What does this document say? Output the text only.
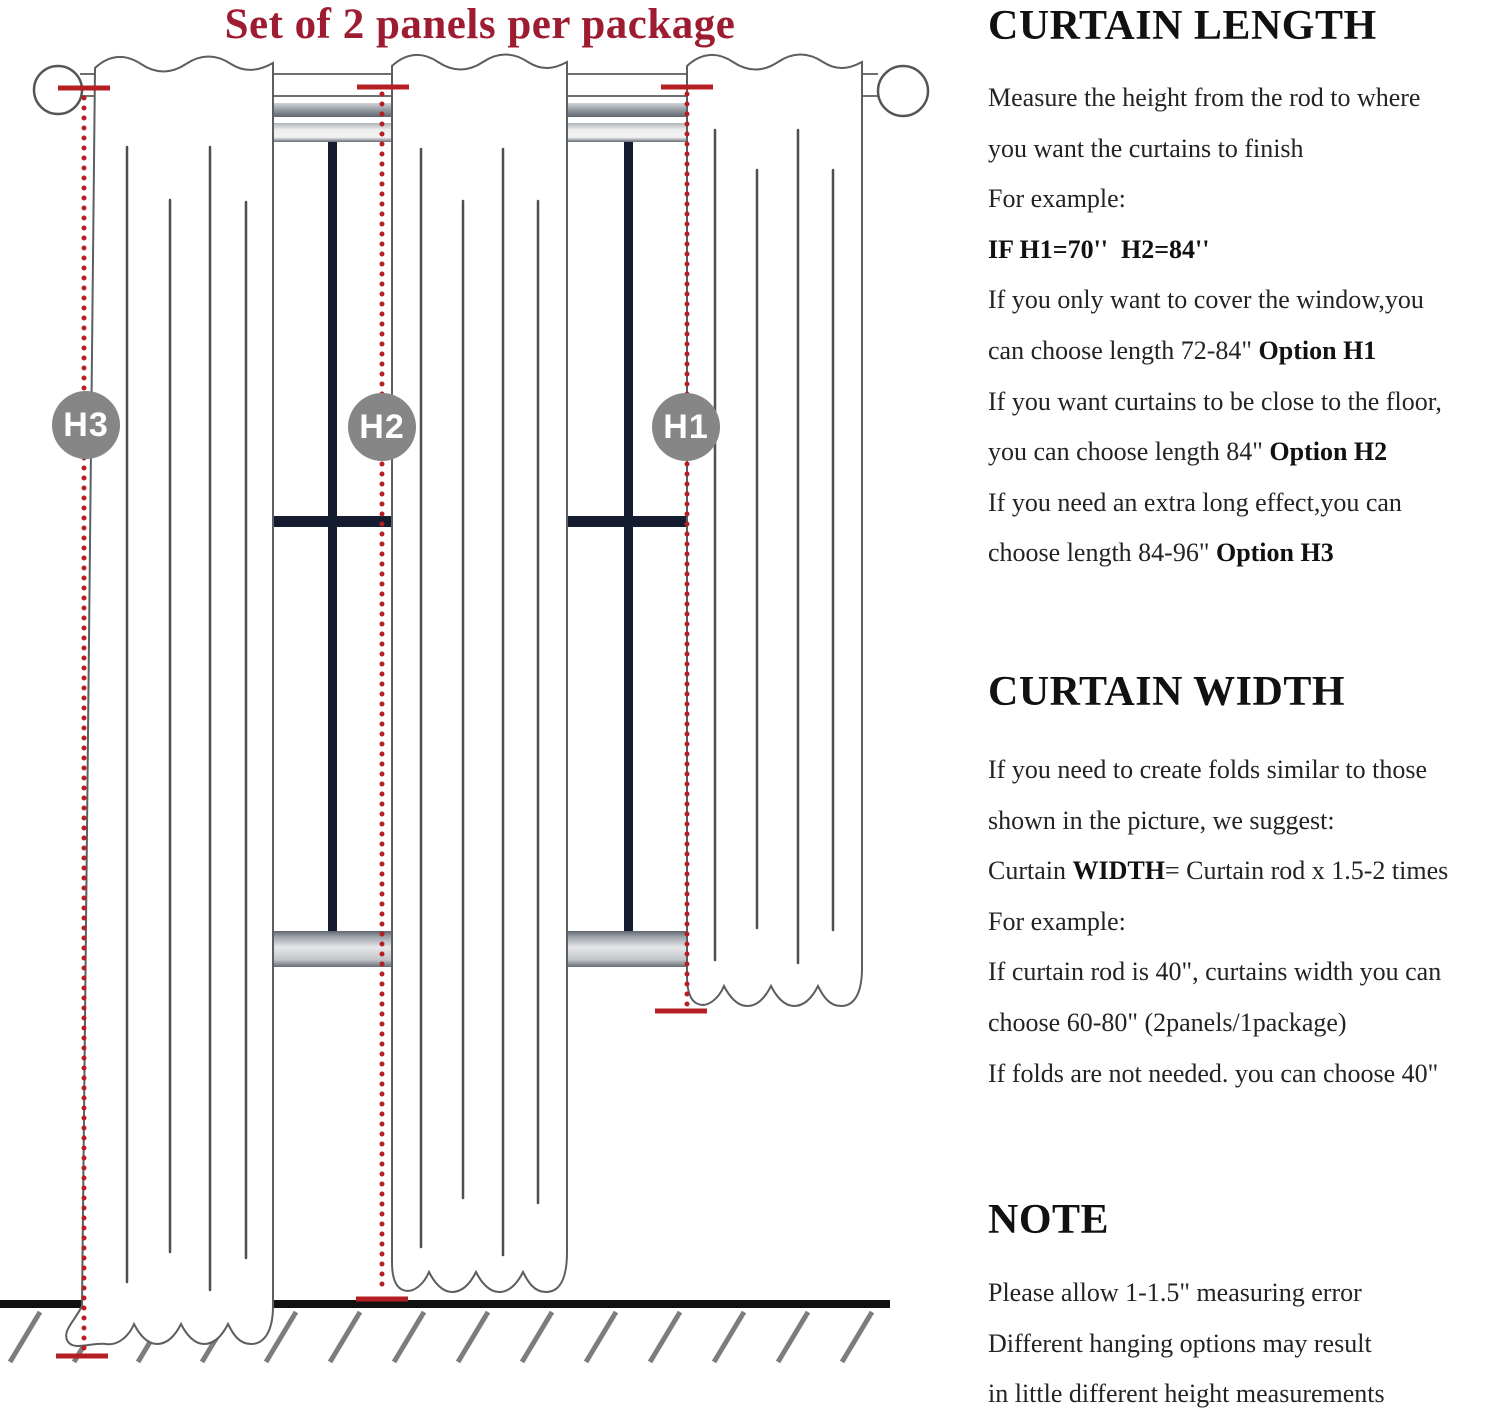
Set of 2 panels per package
H3	H2	H1
CURTAIN LENGTH
Measure the height from the rod to where
you want the curtains to finish
For example:
IF H1=70''  H2=84''
If you only want to cover the window,you
can choose length 72-84" Option H1
If you want curtains to be close to the floor,
you can choose length 84" Option H2
If you need an extra long effect,you can
choose length 84-96" Option H3
CURTAIN WIDTH
If you need to create folds similar to those
shown in the picture, we suggest:
Curtain WIDTH= Curtain rod x 1.5-2 times
For example:
If curtain rod is 40", curtains width you can
choose 60-80" (2panels/1package)
If folds are not needed. you can choose 40"
NOTE
Please allow 1-1.5" measuring error
Different hanging options may result
in little different height measurements
